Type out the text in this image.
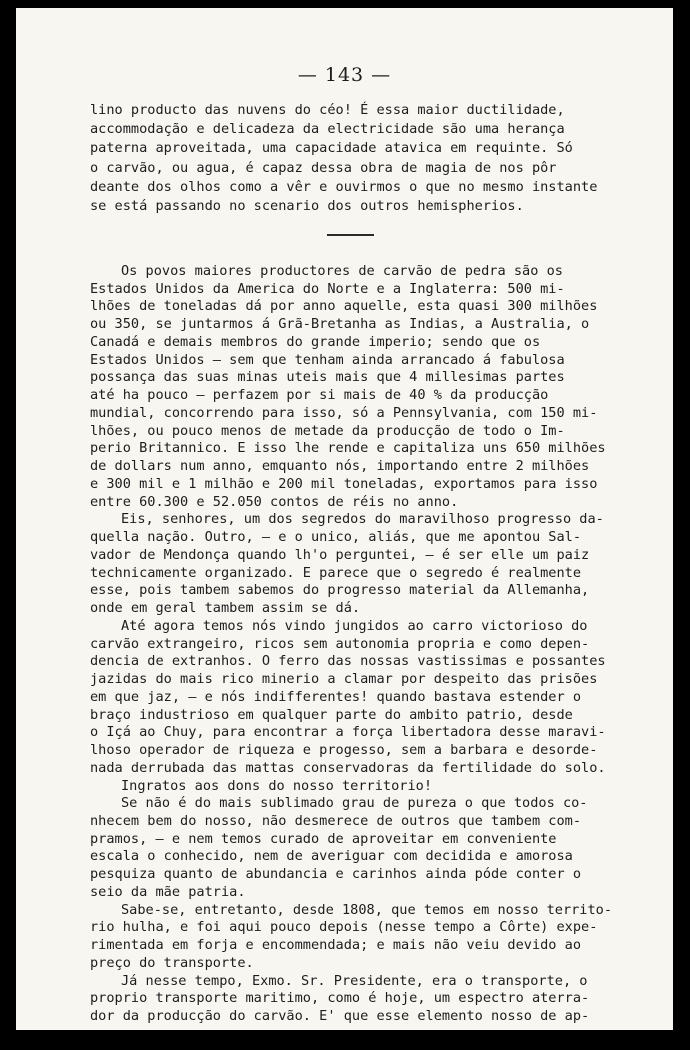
— 143 —

lino producto das nuvens do céo! É essa maior ductilidade,

accommodação e delicadeza da electricidade são uma herança

paterna aproveitada, uma capacidade atavica em requinte. Só

o carvão, ou agua, é capaz dessa obra de magia de nos pôr

deante dos olhos como a vêr e ouvirmos o que no mesmo instante

se está passando no scenario dos outros hemispherios.

Os povos maiores productores de carvão de pedra são os

Estados Unidos da America do Norte e a Inglaterra: 500 mi-

lhões de toneladas dá por anno aquelle, esta quasi 300 milhões

ou 350, se juntarmos á Grã-Bretanha as Indias, a Australia, o

Canadá e demais membros do grande imperio; sendo que os

Estados Unidos — sem que tenham ainda arrancado á fabulosa

possança das suas minas uteis mais que 4 millesimas partes

até ha pouco — perfazem por si mais de 40 % da producção

mundial, concorrendo para isso, só a Pennsylvania, com 150 mi-

lhões, ou pouco menos de metade da producção de todo o Im-

perio Britannico. E isso lhe rende e capitaliza uns 650 milhões

de dollars num anno, emquanto nós, importando entre 2 milhões

e 300 mil e 1 milhão e 200 mil toneladas, exportamos para isso

entre 60.300 e 52.050 contos de réis no anno.

Eis, senhores, um dos segredos do maravilhoso progresso da-

quella nação. Outro, — e o unico, aliás, que me apontou Sal-

vador de Mendonça quando lh'o perguntei, — é ser elle um paiz

technicamente organizado. E parece que o segredo é realmente

esse, pois tambem sabemos do progresso material da Allemanha,

onde em geral tambem assim se dá.

Até agora temos nós vindo jungidos ao carro victorioso do

carvão extrangeiro, ricos sem autonomia propria e como depen-

dencia de extranhos. O ferro das nossas vastissimas e possantes

jazidas do mais rico minerio a clamar por despeito das prisões

em que jaz, — e nós indifferentes! quando bastava estender o

braço industrioso em qualquer parte do ambito patrio, desde

o Içá ao Chuy, para encontrar a força libertadora desse maravi-

lhoso operador de riqueza e progesso, sem a barbara e desorde-

nada derrubada das mattas conservadoras da fertilidade do solo.

Ingratos aos dons do nosso territorio!

Se não é do mais sublimado grau de pureza o que todos co-

nhecem bem do nosso, não desmerece de outros que tambem com-

pramos, — e nem temos curado de aproveitar em conveniente

escala o conhecido, nem de averiguar com decidida e amorosa

pesquiza quanto de abundancia e carinhos ainda póde conter o

seio da mãe patria.

Sabe-se, entretanto, desde 1808, que temos em nosso territo-

rio hulha, e foi aqui pouco depois (nesse tempo a Côrte) expe-

rimentada em forja e encommendada; e mais não veiu devido ao

preço do transporte.

Já nesse tempo, Exmo. Sr. Presidente, era o transporte, o

proprio transporte maritimo, como é hoje, um espectro aterra-

dor da producção do carvão. E' que esse elemento nosso de ap-
